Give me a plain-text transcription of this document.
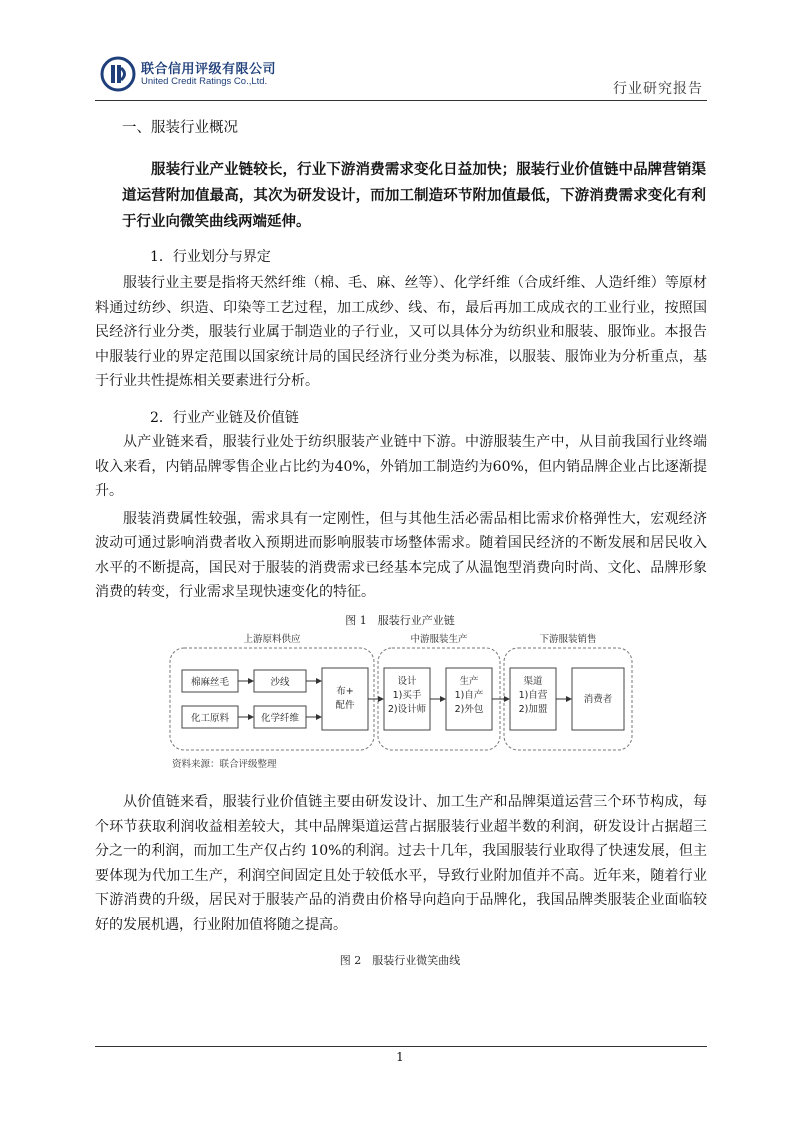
联合信用评级有限公司
United Credit Ratings Co.,Ltd.	行业研究报告

一、服装行业概况

服装行业产业链较长，行业下游消费需求变化日益加快；服装行业价值链中品牌营销渠道运营附加值最高，其次为研发设计，而加工制造环节附加值最低，下游消费需求变化有利于行业向微笑曲线两端延伸。

1．行业划分与界定

服装行业主要是指将天然纤维（棉、毛、麻、丝等）、化学纤维（合成纤维、人造纤维）等原材料通过纺纱、织造、印染等工艺过程，加工成纱、线、布，最后再加工成成衣的工业行业，按照国民经济行业分类，服装行业属于制造业的子行业，又可以具体分为纺织业和服装、服饰业。本报告中服装行业的界定范围以国家统计局的国民经济行业分类为标准，以服装、服饰业为分析重点，基于行业共性提炼相关要素进行分析。

2．行业产业链及价值链

从产业链来看，服装行业处于纺织服装产业链中下游。中游服装生产中，从目前我国行业终端收入来看，内销品牌零售企业占比约为40%，外销加工制造约为60%，但内销品牌企业占比逐渐提升。

服装消费属性较强，需求具有一定刚性，但与其他生活必需品相比需求价格弹性大，宏观经济波动可通过影响消费者收入预期进而影响服装市场整体需求。随着国民经济的不断发展和居民收入水平的不断提高，国民对于服装的消费需求已经基本完成了从温饱型消费向时尚、文化、品牌形象消费的转变，行业需求呈现快速变化的特征。

图 1　服装行业产业链
上游原料供应	中游服装生产	下游服装销售
棉麻丝毛
化工原料
沙线
化学纤维
布+
配件
设计
1)买手
2)设计师
生产
1)自产
2)外包
渠道
1)自营
2)加盟
消费者
资料来源：联合评级整理

从价值链来看，服装行业价值链主要由研发设计、加工生产和品牌渠道运营三个环节构成，每个环节获取利润收益相差较大，其中品牌渠道运营占据服装行业超半数的利润，研发设计占据超三分之一的利润，而加工生产仅占约 10%的利润。过去十几年，我国服装行业取得了快速发展，但主要体现为代加工生产，利润空间固定且处于较低水平，导致行业附加值并不高。近年来，随着行业下游消费的升级，居民对于服装产品的消费由价格导向趋向于品牌化，我国品牌类服装企业面临较好的发展机遇，行业附加值将随之提高。

图 2　服装行业微笑曲线
1
